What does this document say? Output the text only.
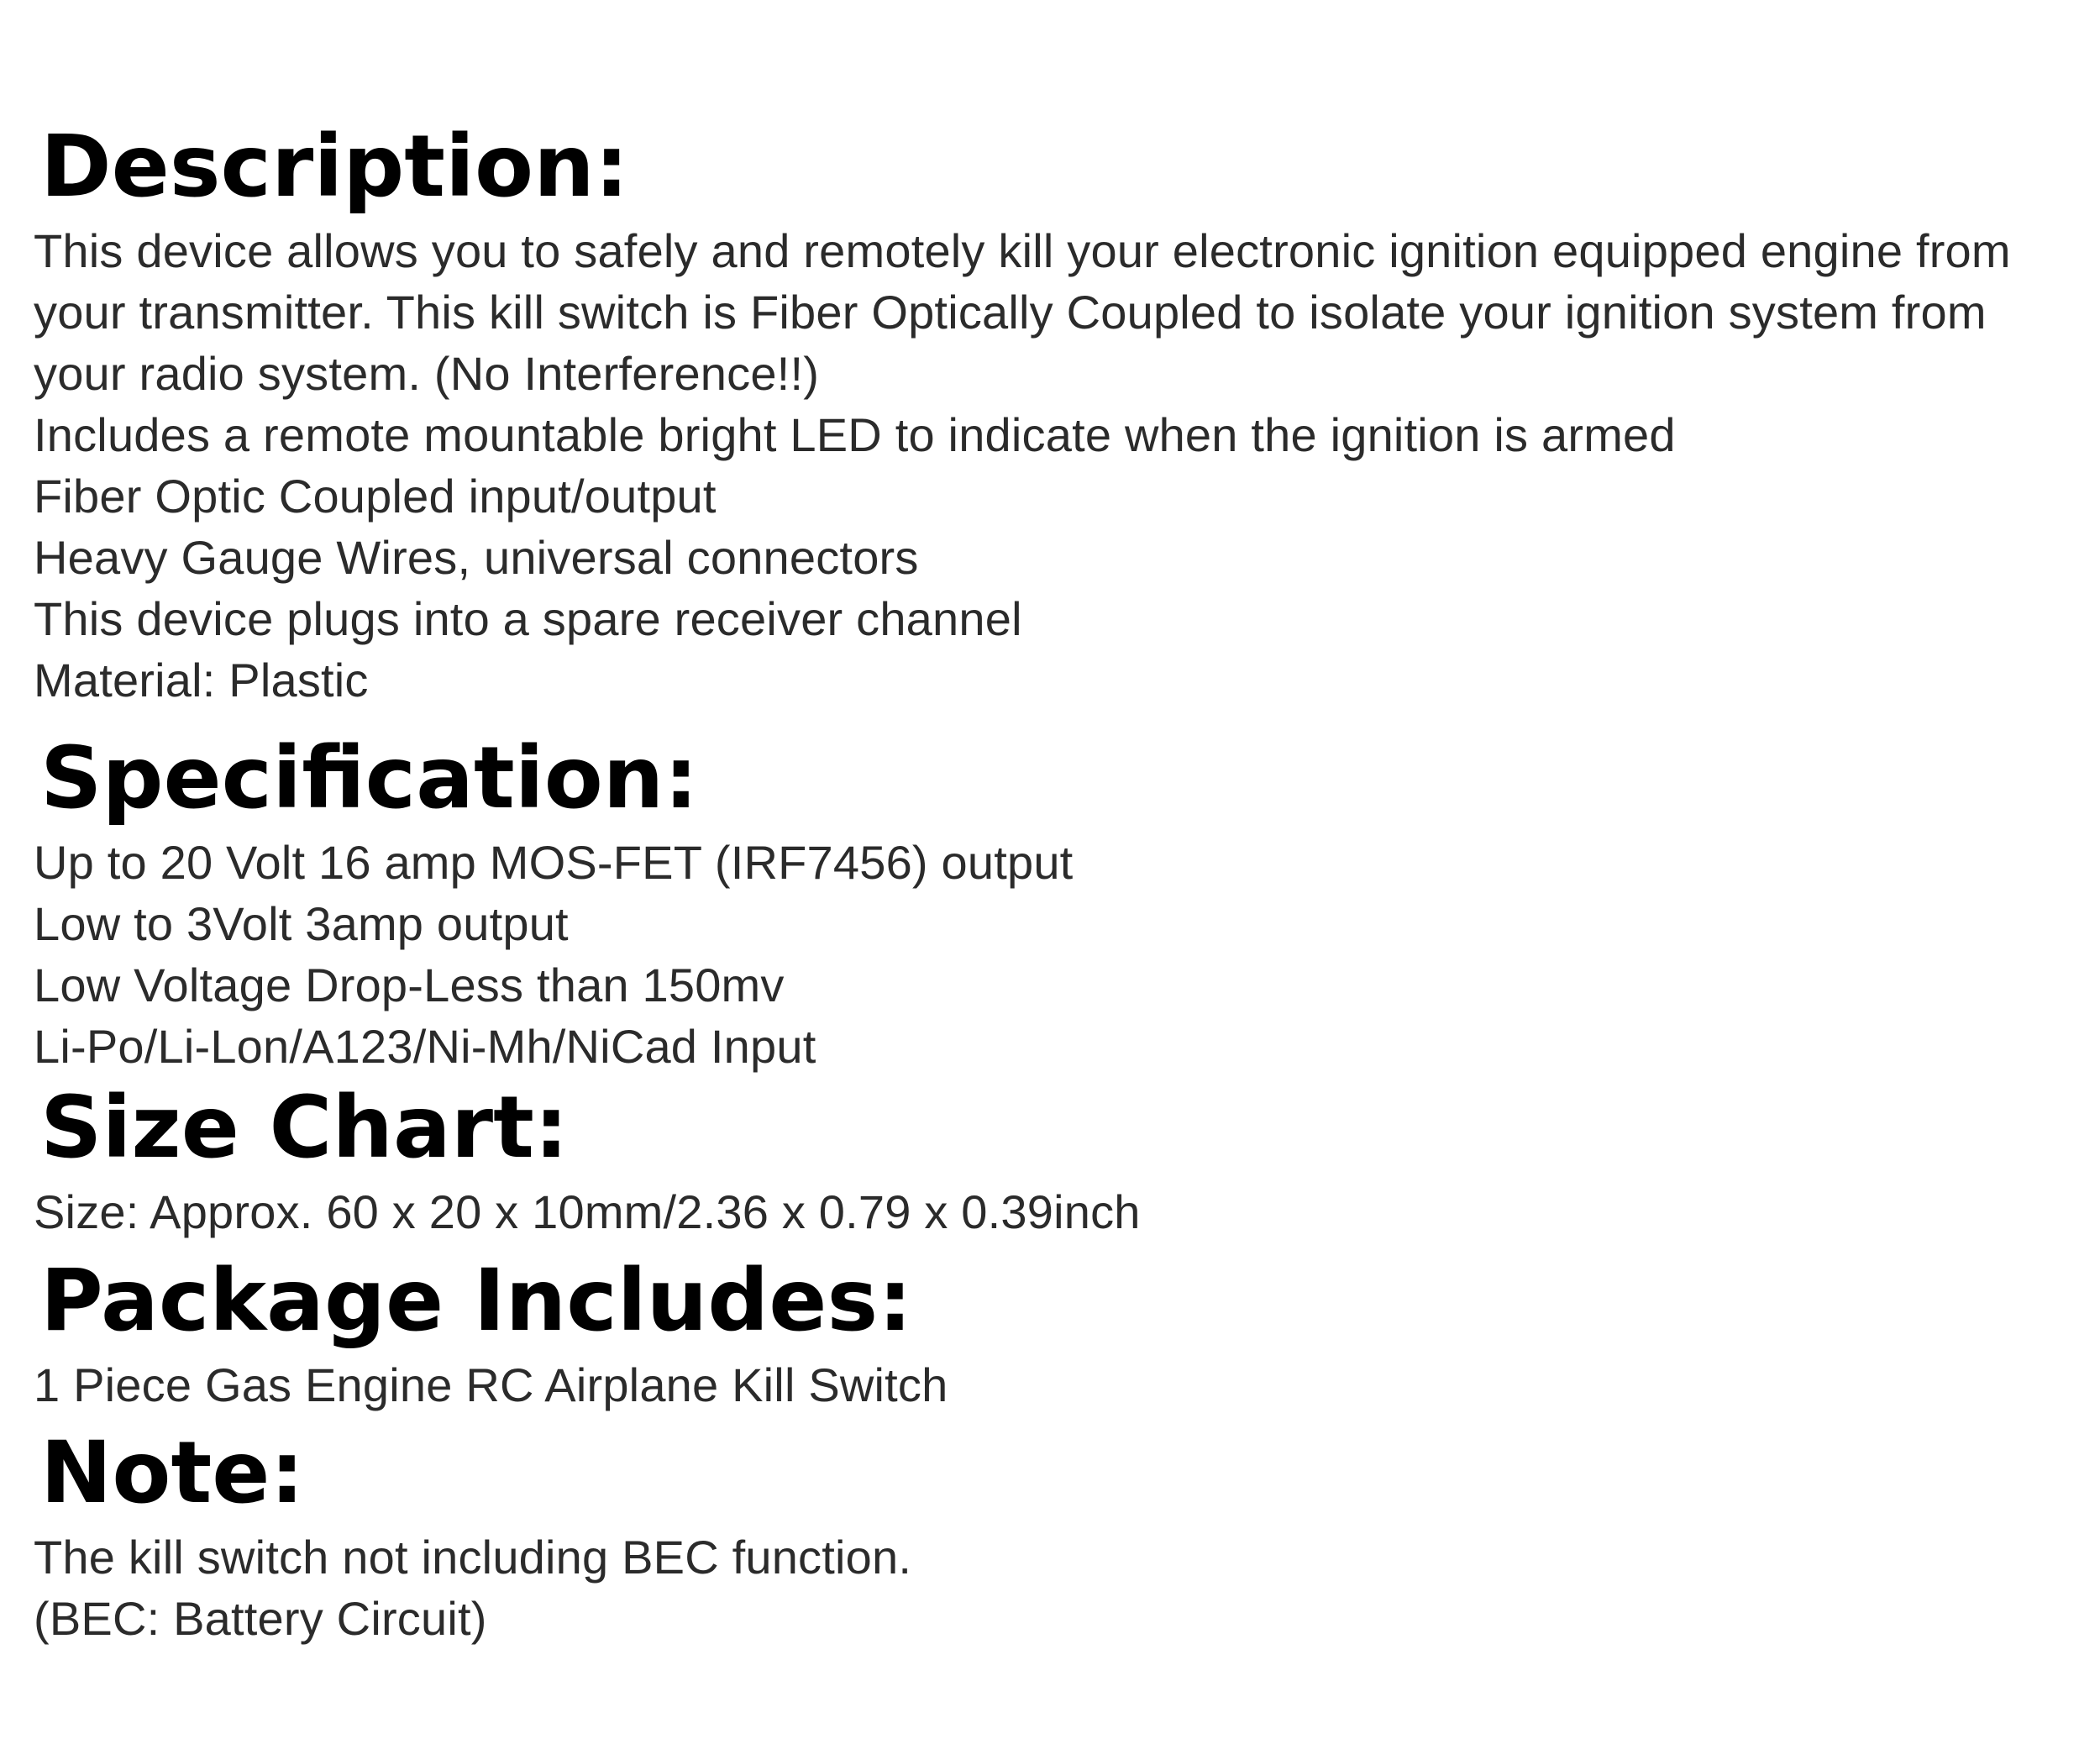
Description:
This device allows you to safely and remotely kill your electronic ignition equipped engine from
your transmitter. This kill switch is Fiber Optically Coupled to isolate your ignition system from
your radio system. (No Interference!!)
Includes a remote mountable bright LED to indicate when the ignition is armed
Fiber Optic Coupled input/output
Heavy Gauge Wires, universal connectors
This device plugs into a spare receiver channel
Material: Plastic
Specification:
Up to 20 Volt 16 amp MOS-FET (IRF7456) output
Low to 3Volt 3amp output
Low Voltage Drop-Less than 150mv
Li-Po/Li-Lon/A123/Ni-Mh/NiCad Input
Size Chart:
Size: Approx. 60 x 20 x 10mm/2.36 x 0.79 x 0.39inch
Package Includes:
1 Piece Gas Engine RC Airplane Kill Switch
Note:
The kill switch not including BEC function.
(BEC: Battery Circuit)
